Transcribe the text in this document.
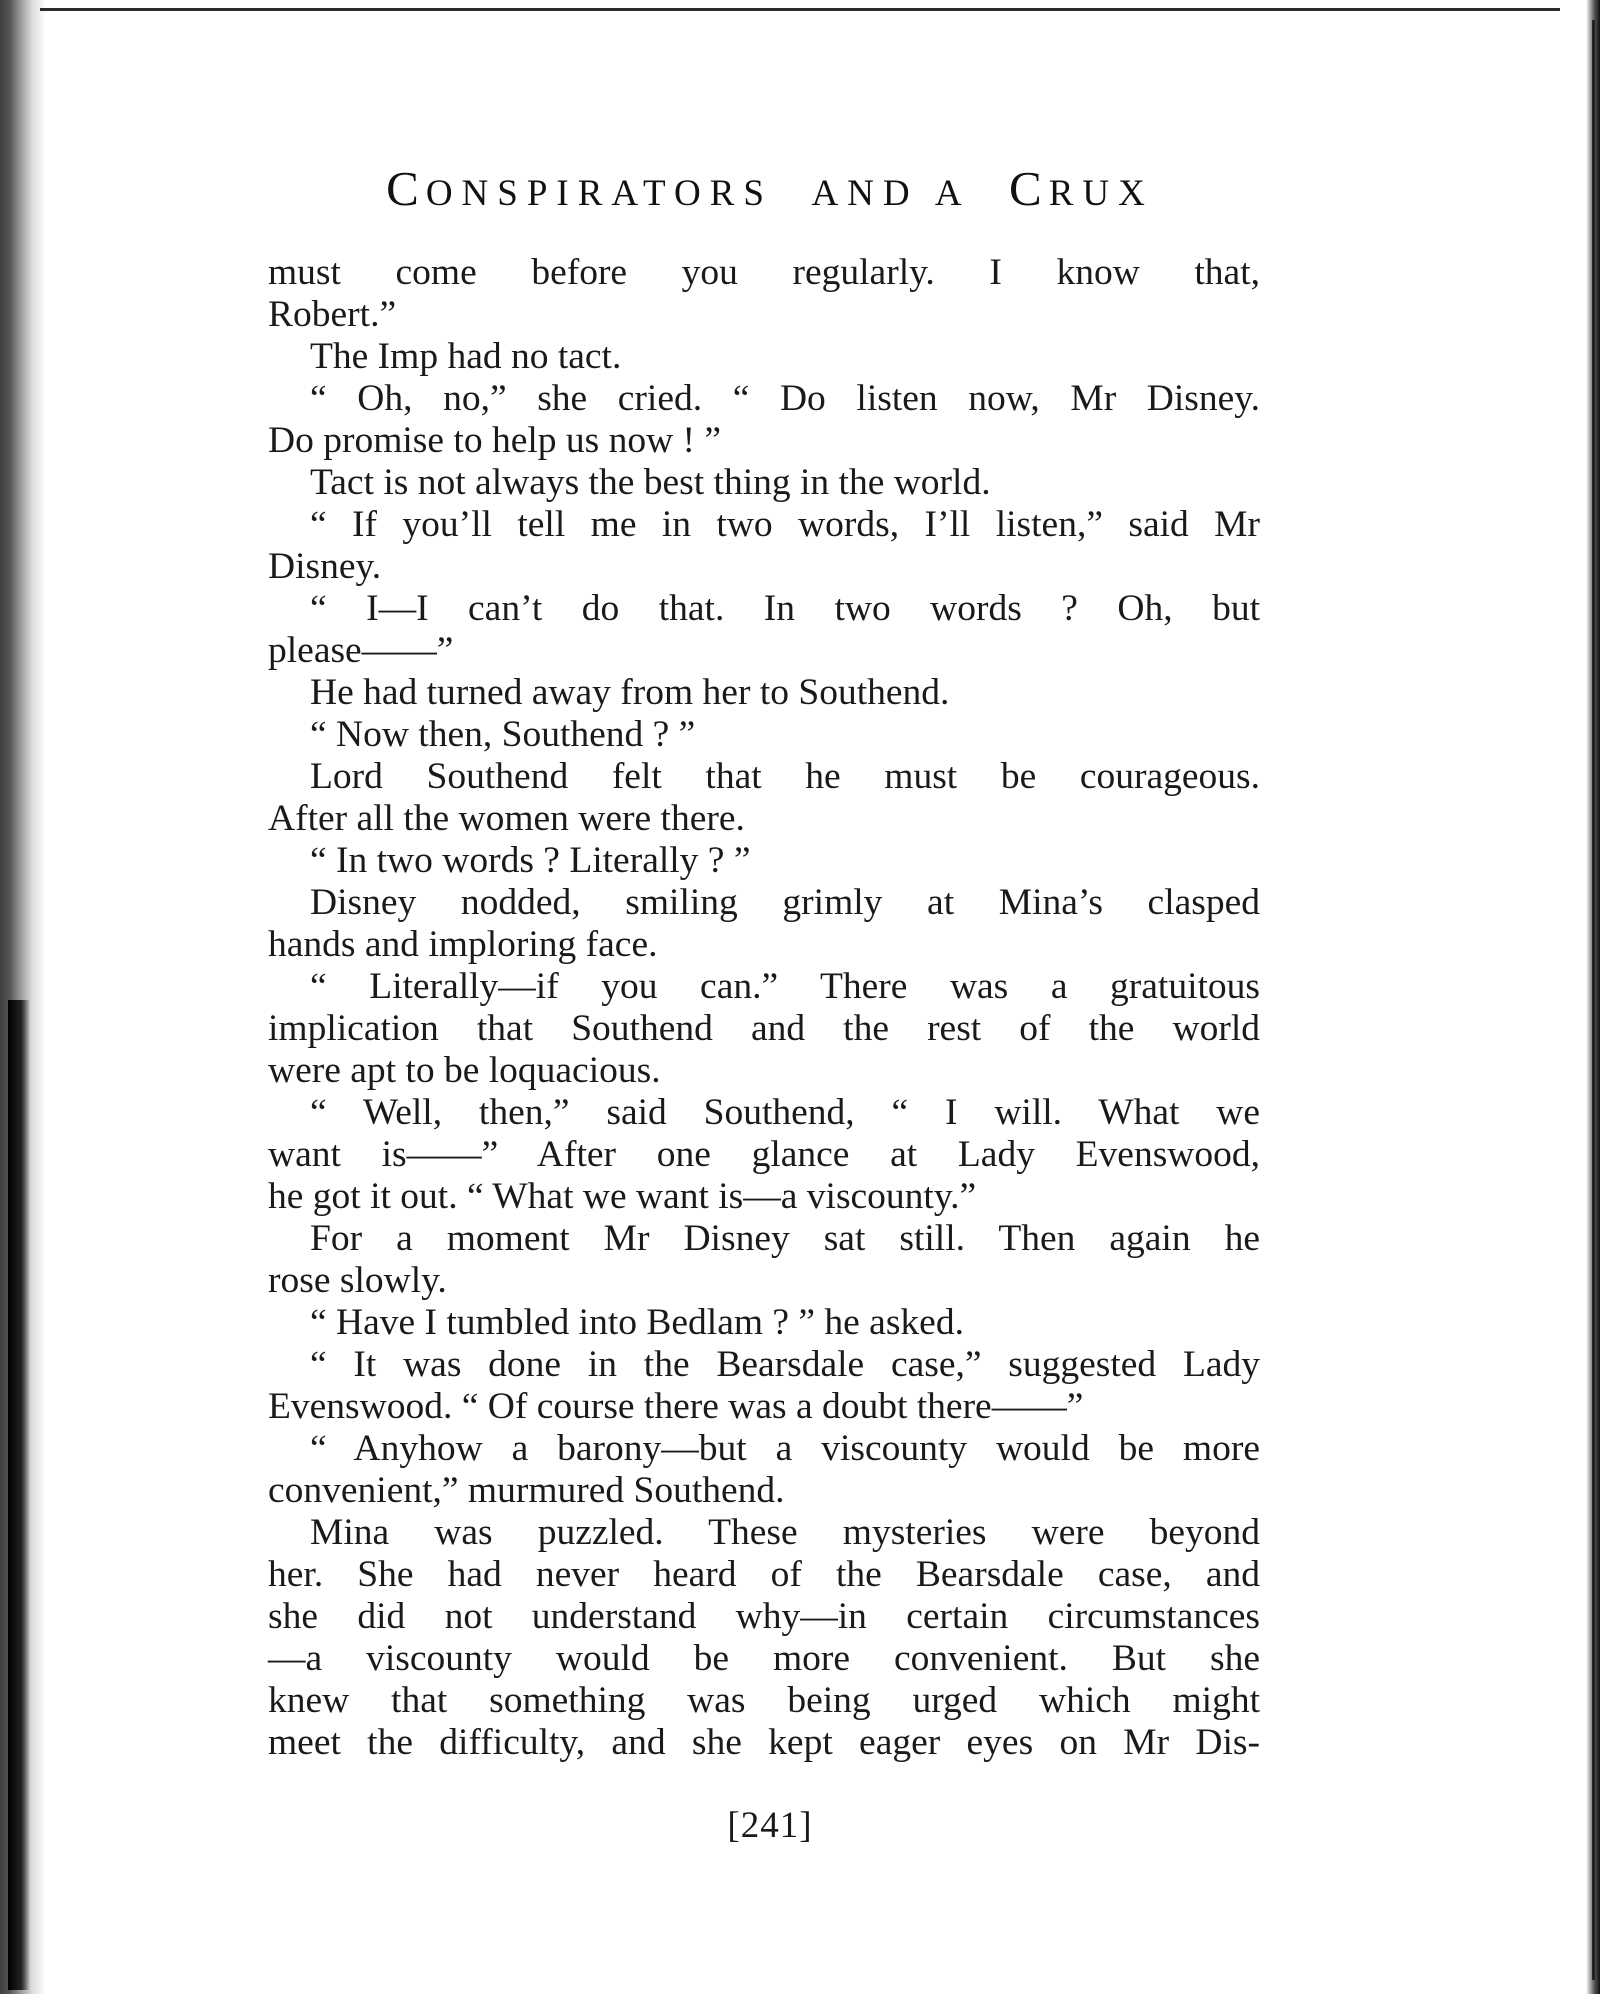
CONSPIRATORS AND A CRUX
must come before you regularly. I know that,
Robert.”
The Imp had no tact.
“ Oh, no,” she cried. “ Do listen now, Mr Disney.
Do promise to help us now ! ”
Tact is not always the best thing in the world.
“ If you’ll tell me in two words, I’ll listen,” said Mr
Disney.
“ I—I can’t do that. In two words ? Oh, but
please——”
He had turned away from her to Southend.
“ Now then, Southend ? ”
Lord Southend felt that he must be courageous.
After all the women were there.
“ In two words ? Literally ? ”
Disney nodded, smiling grimly at Mina’s clasped
hands and imploring face.
“ Literally—if you can.” There was a gratuitous
implication that Southend and the rest of the world
were apt to be loquacious.
“ Well, then,” said Southend, “ I will. What we
want is——” After one glance at Lady Evenswood,
he got it out. “ What we want is—a viscounty.”
For a moment Mr Disney sat still. Then again he
rose slowly.
“ Have I tumbled into Bedlam ? ” he asked.
“ It was done in the Bearsdale case,” suggested Lady
Evenswood. “ Of course there was a doubt there——”
“ Anyhow a barony—but a viscounty would be more
convenient,” murmured Southend.
Mina was puzzled. These mysteries were beyond
her. She had never heard of the Bearsdale case, and
she did not understand why—in certain circumstances
—a viscounty would be more convenient. But she
knew that something was being urged which might
meet the difficulty, and she kept eager eyes on Mr Dis-
[241]
